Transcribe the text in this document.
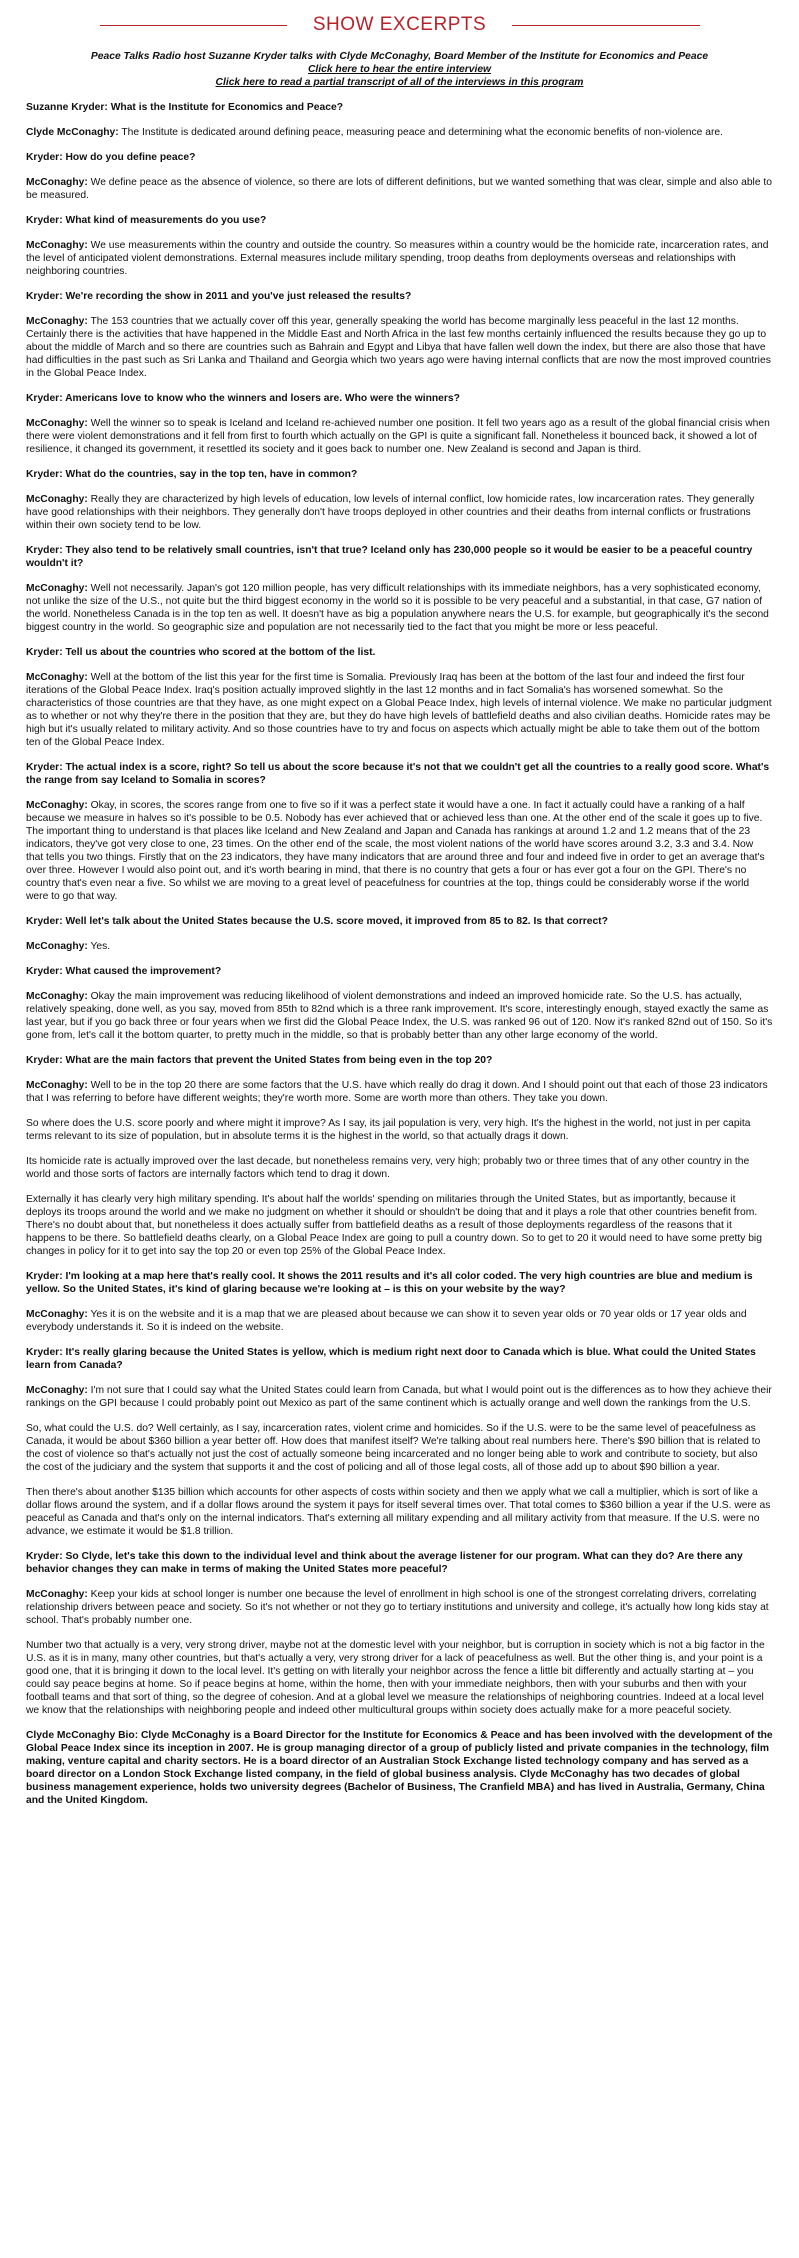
SHOW EXCERPTS
Peace Talks Radio host Suzanne Kryder talks with Clyde McConaghy, Board Member of the Institute for Economics and Peace
Click here to hear the entire interview
Click here to read a partial transcript of all of the interviews in this program

Suzanne Kryder: What is the Institute for Economics and Peace?

Clyde McConaghy: The Institute is dedicated around defining peace, measuring peace and determining what the economic benefits of non-violence are.

Kryder: How do you define peace?

McConaghy: We define peace as the absence of violence, so there are lots of different definitions, but we wanted something that was clear, simple and also able to be measured.

Kryder: What kind of measurements do you use?

McConaghy: We use measurements within the country and outside the country. So measures within a country would be the homicide rate, incarceration rates, and the level of anticipated violent demonstrations. External measures include military spending, troop deaths from deployments overseas and relationships with neighboring countries.

Kryder: We're recording the show in 2011 and you've just released the results?

McConaghy: The 153 countries that we actually cover off this year, generally speaking the world has become marginally less peaceful in the last 12 months. Certainly there is the activities that have happened in the Middle East and North Africa in the last few months certainly influenced the results because they go up to about the middle of March and so there are countries such as Bahrain and Egypt and Libya that have fallen well down the index, but there are also those that have had difficulties in the past such as Sri Lanka and Thailand and Georgia which two years ago were having internal conflicts that are now the most improved countries in the Global Peace Index.

Kryder: Americans love to know who the winners and losers are. Who were the winners?

McConaghy: Well the winner so to speak is Iceland and Iceland re-achieved number one position. It fell two years ago as a result of the global financial crisis when there were violent demonstrations and it fell from first to fourth which actually on the GPI is quite a significant fall. Nonetheless it bounced back, it showed a lot of resilience, it changed its government, it resettled its society and it goes back to number one. New Zealand is second and Japan is third.

Kryder: What do the countries, say in the top ten, have in common?

McConaghy: Really they are characterized by high levels of education, low levels of internal conflict, low homicide rates, low incarceration rates. They generally have good relationships with their neighbors. They generally don't have troops deployed in other countries and their deaths from internal conflicts or frustrations within their own society tend to be low.

Kryder: They also tend to be relatively small countries, isn't that true? Iceland only has 230,000 people so it would be easier to be a peaceful country wouldn't it?

McConaghy: Well not necessarily. Japan's got 120 million people, has very difficult relationships with its immediate neighbors, has a very sophisticated economy, not unlike the size of the U.S., not quite but the third biggest economy in the world so it is possible to be very peaceful and a substantial, in that case, G7 nation of the world. Nonetheless Canada is in the top ten as well. It doesn't have as big a population anywhere nears the U.S. for example, but geographically it's the second biggest country in the world. So geographic size and population are not necessarily tied to the fact that you might be more or less peaceful.

Kryder: Tell us about the countries who scored at the bottom of the list.

McConaghy: Well at the bottom of the list this year for the first time is Somalia. Previously Iraq has been at the bottom of the last four and indeed the first four iterations of the Global Peace Index. Iraq's position actually improved slightly in the last 12 months and in fact Somalia's has worsened somewhat. So the characteristics of those countries are that they have, as one might expect on a Global Peace Index, high levels of internal violence. We make no particular judgment as to whether or not why they're there in the position that they are, but they do have high levels of battlefield deaths and also civilian deaths. Homicide rates may be high but it's usually related to military activity. And so those countries have to try and focus on aspects which actually might be able to take them out of the bottom ten of the Global Peace Index.

Kryder: The actual index is a score, right? So tell us about the score because it's not that we couldn't get all the countries to a really good score. What's the range from say Iceland to Somalia in scores?

McConaghy: Okay, in scores, the scores range from one to five so if it was a perfect state it would have a one. In fact it actually could have a ranking of a half because we measure in halves so it's possible to be 0.5. Nobody has ever achieved that or achieved less than one. At the other end of the scale it goes up to five. The important thing to understand is that places like Iceland and New Zealand and Japan and Canada has rankings at around 1.2 and 1.2 means that of the 23 indicators, they've got very close to one, 23 times. On the other end of the scale, the most violent nations of the world have scores around 3.2, 3.3 and 3.4. Now that tells you two things. Firstly that on the 23 indicators, they have many indicators that are around three and four and indeed five in order to get an average that's over three. However I would also point out, and it's worth bearing in mind, that there is no country that gets a four or has ever got a four on the GPI. There's no country that's even near a five. So whilst we are moving to a great level of peacefulness for countries at the top, things could be considerably worse if the world were to go that way.

Kryder: Well let's talk about the United States because the U.S. score moved, it improved from 85 to 82. Is that correct?

McConaghy: Yes.

Kryder: What caused the improvement?

McConaghy: Okay the main improvement was reducing likelihood of violent demonstrations and indeed an improved homicide rate. So the U.S. has actually, relatively speaking, done well, as you say, moved from 85th to 82nd which is a three rank improvement. It's score, interestingly enough, stayed exactly the same as last year, but if you go back three or four years when we first did the Global Peace Index, the U.S. was ranked 96 out of 120. Now it's ranked 82nd out of 150. So it's gone from, let's call it the bottom quarter, to pretty much in the middle, so that is probably better than any other large economy of the world.

Kryder: What are the main factors that prevent the United States from being even in the top 20?

McConaghy: Well to be in the top 20 there are some factors that the U.S. have which really do drag it down. And I should point out that each of those 23 indicators that I was referring to before have different weights; they're worth more. Some are worth more than others. They take you down.

So where does the U.S. score poorly and where might it improve? As I say, its jail population is very, very high. It's the highest in the world, not just in per capita terms relevant to its size of population, but in absolute terms it is the highest in the world, so that actually drags it down.

Its homicide rate is actually improved over the last decade, but nonetheless remains very, very high; probably two or three times that of any other country in the world and those sorts of factors are internally factors which tend to drag it down.

Externally it has clearly very high military spending. It's about half the worlds' spending on militaries through the United States, but as importantly, because it deploys its troops around the world and we make no judgment on whether it should or shouldn't be doing that and it plays a role that other countries benefit from. There's no doubt about that, but nonetheless it does actually suffer from battlefield deaths as a result of those deployments regardless of the reasons that it happens to be there. So battlefield deaths clearly, on a Global Peace Index are going to pull a country down. So to get to 20 it would need to have some pretty big changes in policy for it to get into say the top 20 or even top 25% of the Global Peace Index.

Kryder: I'm looking at a map here that's really cool. It shows the 2011 results and it's all color coded. The very high countries are blue and medium is yellow. So the United States, it's kind of glaring because we're looking at – is this on your website by the way?

McConaghy: Yes it is on the website and it is a map that we are pleased about because we can show it to seven year olds or 70 year olds or 17 year olds and everybody understands it. So it is indeed on the website.

Kryder: It's really glaring because the United States is yellow, which is medium right next door to Canada which is blue. What could the United States learn from Canada?

McConaghy: I'm not sure that I could say what the United States could learn from Canada, but what I would point out is the differences as to how they achieve their rankings on the GPI because I could probably point out Mexico as part of the same continent which is actually orange and well down the rankings from the U.S.

So, what could the U.S. do? Well certainly, as I say, incarceration rates, violent crime and homicides. So if the U.S. were to be the same level of peacefulness as Canada, it would be about $360 billion a year better off. How does that manifest itself? We're talking about real numbers here. There's $90 billion that is related to the cost of violence so that's actually not just the cost of actually someone being incarcerated and no longer being able to work and contribute to society, but also the cost of the judiciary and the system that supports it and the cost of policing and all of those legal costs, all of those add up to about $90 billion a year.

Then there's about another $135 billion which accounts for other aspects of costs within society and then we apply what we call a multiplier, which is sort of like a dollar flows around the system, and if a dollar flows around the system it pays for itself several times over. That total comes to $360 billion a year if the U.S. were as peaceful as Canada and that's only on the internal indicators. That's externing all military expending and all military activity from that measure. If the U.S. were no advance, we estimate it would be $1.8 trillion.

Kryder: So Clyde, let's take this down to the individual level and think about the average listener for our program. What can they do? Are there any behavior changes they can make in terms of making the United States more peaceful?

McConaghy: Keep your kids at school longer is number one because the level of enrollment in high school is one of the strongest correlating drivers, correlating relationship drivers between peace and society. So it's not whether or not they go to tertiary institutions and university and college, it's actually how long kids stay at school. That's probably number one.

Number two that actually is a very, very strong driver, maybe not at the domestic level with your neighbor, but is corruption in society which is not a big factor in the U.S. as it is in many, many other countries, but that's actually a very, very strong driver for a lack of peacefulness as well. But the other thing is, and your point is a good one, that it is bringing it down to the local level. It's getting on with literally your neighbor across the fence a little bit differently and actually starting at – you could say peace begins at home. So if peace begins at home, within the home, then with your immediate neighbors, then with your suburbs and then with your football teams and that sort of thing, so the degree of cohesion. And at a global level we measure the relationships of neighboring countries. Indeed at a local level we know that the relationships with neighboring people and indeed other multicultural groups within society does actually make for a more peaceful society.

Clyde McConaghy Bio: Clyde McConaghy is a Board Director for the Institute for Economics & Peace and has been involved with the development of the Global Peace Index since its inception in 2007. He is group managing director of a group of publicly listed and private companies in the technology, film making, venture capital and charity sectors. He is a board director of an Australian Stock Exchange listed technology company and has served as a board director on a London Stock Exchange listed company, in the field of global business analysis. Clyde McConaghy has two decades of global business management experience, holds two university degrees (Bachelor of Business, The Cranfield MBA) and has lived in Australia, Germany, China and the United Kingdom.
